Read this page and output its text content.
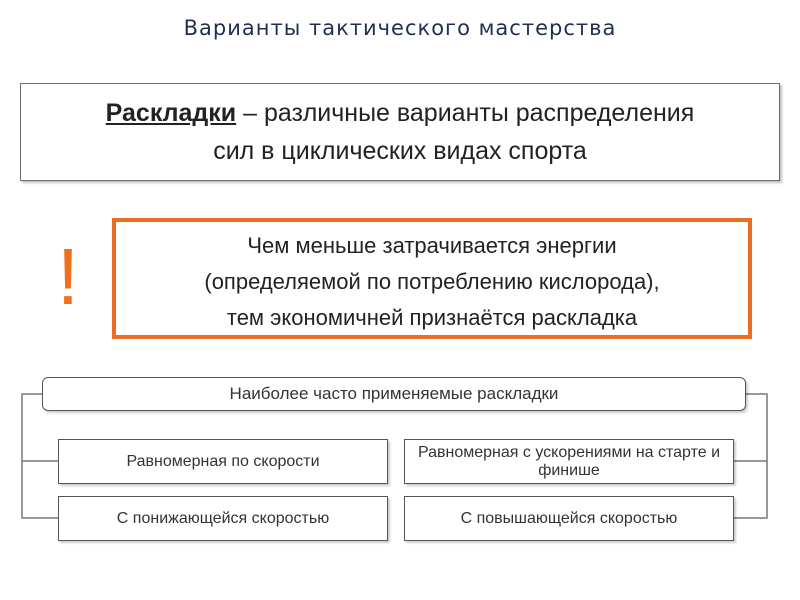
Варианты тактического мастерства
Раскладки – различные варианты распределения
сил в циклических видах спорта
!	Чем меньше затрачивается энергии
(определяемой по потреблению кислорода),
тем экономичней признаётся раскладка
Наиболее часто применяемые раскладки
Равномерная по скорости
Равномерная с ускорениями на старте и финише
С понижающейся скоростью	С повышающейся скоростью
